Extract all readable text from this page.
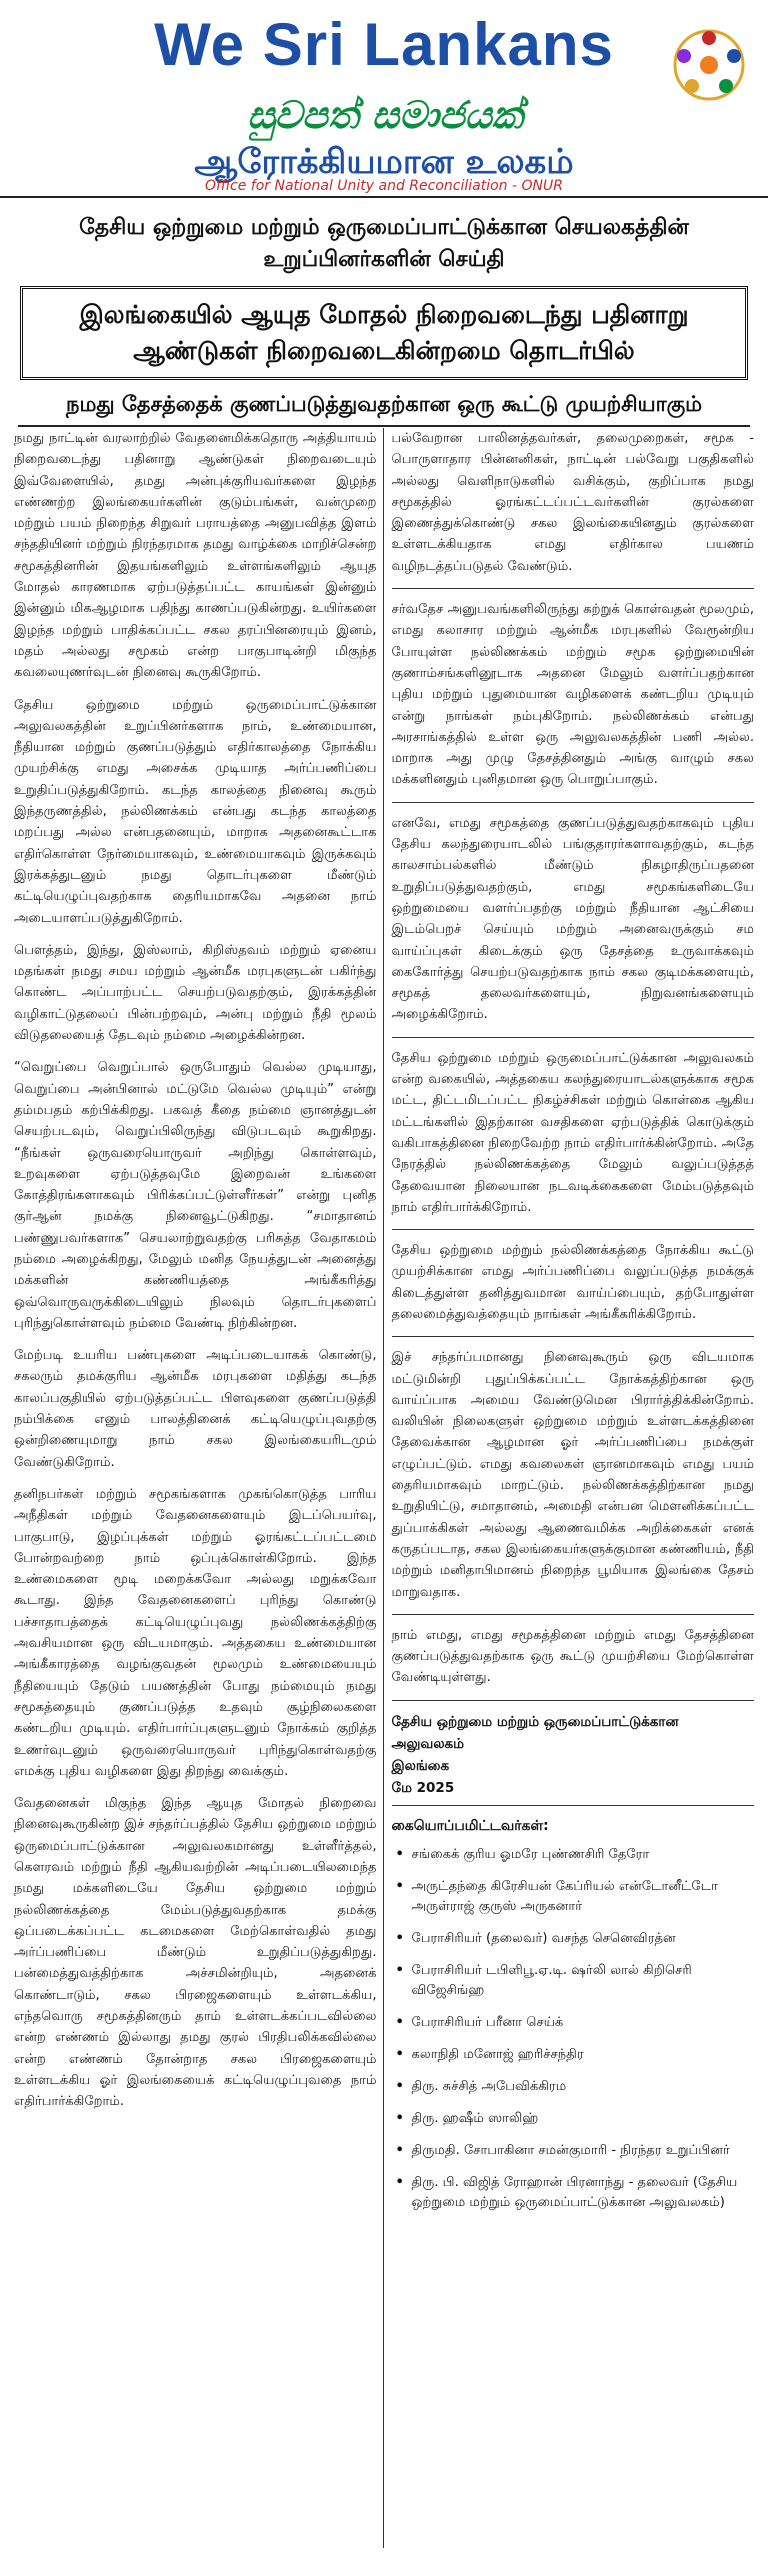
We Sri Lankans
සුවපත් සමාජයක්
ஆரோக்கியமான உலகம்
Office for National Unity and Reconciliation - ONUR
தேசிய ஒற்றுமை மற்றும் ஒருமைப்பாட்டுக்கான செயலகத்தின்
உறுப்பினர்களின் செய்தி
இலங்கையில் ஆயுத மோதல் நிறைவடைந்து பதினாறு
ஆண்டுகள் நிறைவடைகின்றமை தொடர்பில்
நமது தேசத்தைக் குணப்படுத்துவதற்கான ஒரு கூட்டு முயற்சியாகும்

நமது நாட்டின் வரலாற்றில் வேதனைமிக்கதொரு அத்தியாயம் நிறைவடைந்து பதினாறு ஆண்டுகள் நிறைவடையும் இவ்வேளையில், தமது அன்புக்குரியவர்களை இழந்த எண்ணற்ற இலங்கையர்களின் குடும்பங்கள், வன்முறை மற்றும் பயம் நிறைந்த சிறுவர் பராயத்தை அனுபவித்த இளம் சந்ததியினர் மற்றும் நிரந்தரமாக தமது வாழ்க்கை மாறிச்சென்ற சமூகத்தினரின் இதயங்களிலும் உள்ளங்களிலும் ஆயுத மோதல் காரணமாக ஏற்படுத்தப்பட்ட காயங்கள் இன்னும் இன்னும் மிகஆழமாக பதிந்து காணப்படுகின்றது. உயிர்களை இழந்த மற்றும் பாதிக்கப்பட்ட சகல தரப்பினரையும் இனம், மதம் அல்லது சமூகம் என்ற பாகுபாடின்றி மிகுந்த கவலையுணர்வுடன் நினைவு கூருகிறோம்.

தேசிய ஒற்றுமை மற்றும் ஒருமைப்பாட்டுக்கான அலுவலகத்தின் உறுப்பினர்களாக நாம், உண்மையான, நீதியான மற்றும் குணப்படுத்தும் எதிர்காலத்தை நோக்கிய முயற்சிக்கு எமது அசைக்க முடியாத அர்ப்பணிப்பை உறுதிப்படுத்துகிறோம். கடந்த காலத்தை நினைவு கூரும் இந்தருணத்தில், நல்லிணக்கம் என்பது கடந்த காலத்தை மறப்பது அல்ல என்பதனையும், மாறாக அதனைகூட்டாக எதிர்கொள்ள நேர்மையாகவும், உண்மையாகவும் இருக்கவும் இரக்கத்துடனும் நமது தொடர்புகளை மீண்டும் கட்டியெழுப்புவதற்காக தைரியமாகவே அதனை நாம் அடையாளப்படுத்துகிறோம்.

பௌத்தம், இந்து, இஸ்லாம், கிறிஸ்தவம் மற்றும் ஏனைய மதங்கள் நமது சமய மற்றும் ஆன்மீக மரபுகளுடன் பகிர்ந்து கொண்ட அப்பாற்பட்ட செயற்படுவதற்கும், இரக்கத்தின் வழிகாட்டுதலைப் பின்பற்றவும், அன்பு மற்றும் நீதி மூலம் விடுதலையைத் தேடவும் நம்மை அழைக்கின்றன.

“வெறுப்பை வெறுப்பால் ஒருபோதும் வெல்ல முடியாது, வெறுப்பை அன்பினால் மட்டுமே வெல்ல முடியும்” என்று தம்மபதம் கற்பிக்கிறது. பகவத் கீதை நம்மை ஞானத்துடன் செயற்படவும், வெறுப்பிலிருந்து விடுபடவும் கூறுகிறது. “நீங்கள் ஒருவரையொருவர் அறிந்து கொள்ளவும், உறவுகளை ஏற்படுத்தவுமே இறைவன் உங்களை கோத்திரங்களாகவும் பிரிக்கப்பட்டுள்ளீர்கள்” என்று புனித குர்ஆன் நமக்கு நினைவூட்டுகிறது. “சமாதானம் பண்ணுபவர்களாக” செயலாற்றுவதற்கு பரிசுத்த வேதாகமம் நம்மை அழைக்கிறது, மேலும் மனித நேயத்துடன் அனைத்து மக்களின் கண்ணியத்தை அங்கீகரித்து ஒவ்வொருவருக்கிடையிலும் நிலவும் தொடர்புகளைப் புரிந்துகொள்ளவும் நம்மை வேண்டி நிற்கின்றன.

மேற்படி உயரிய பண்புகளை அடிப்படையாகக் கொண்டு, சகலரும் தமக்குரிய ஆன்மீக மரபுகளை மதித்து கடந்த காலப்பகுதியில் ஏற்படுத்தப்பட்ட பிளவுகளை குணப்படுத்தி நம்பிக்கை எனும் பாலத்தினைக் கட்டியெழுப்புவதற்கு ஒன்றிணையுமாறு நாம் சகல இலங்கையரிடமும் வேண்டுகிறோம்.

தனிநபர்கள் மற்றும் சமூகங்களாக முகங்கொடுத்த பாரிய அநீதிகள் மற்றும் வேதனைகளையும் இடப்பெயர்வு, பாகுபாடு, இழப்புக்கள் மற்றும் ஓரங்கட்டப்பட்டமை போன்றவற்றை நாம் ஒப்புக்கொள்கிறோம். இந்த உண்மைகளை மூடி மறைக்கவோ அல்லது மறுக்கவோ கூடாது. இந்த வேதனைகளைப் புரிந்து கொண்டு பச்சாதாபத்தைக் கட்டியெழுப்புவது நல்லிணக்கத்திற்கு அவசியமான ஒரு விடயமாகும். அத்தகைய உண்மையான அங்கீகாரத்தை வழங்குவதன் மூலமும் உண்மையையும் நீதியையும் தேடும் பயணத்தின் போது நம்மையும் நமது சமூகத்தையும் குணப்படுத்த உதவும் சூழ்நிலைகளை கண்டறிய முடியும். எதிர்பார்ப்புகளுடனும் நோக்கம் குறித்த உணர்வுடனும் ஒருவரையொருவர் புரிந்துகொள்வதற்கு எமக்கு புதிய வழிகளை இது திறந்து வைக்கும்.

வேதனைகள் மிகுந்த இந்த ஆயுத மோதல் நிறைவை நினைவுகூருகின்ற இச் சந்தர்ப்பத்தில் தேசிய ஒற்றுமை மற்றும் ஒருமைப்பாட்டுக்கான அலுவலகமானது உள்ளீர்த்தல், கௌரவம் மற்றும் நீதி ஆகியவற்றின் அடிப்படையிலமைந்த நமது மக்களிடையே தேசிய ஒற்றுமை மற்றும் நல்லிணக்கத்தை மேம்படுத்துவதற்காக தமக்கு ஒப்படைக்கப்பட்ட கடமைகளை மேற்கொள்வதில் தமது அர்ப்பணிப்பை மீண்டும் உறுதிப்படுத்துகிறது. பன்மைத்துவத்திற்காக அச்சமின்றியும், அதனைக் கொண்டாடும், சகல பிரஜைகளையும் உள்ளடக்கிய, எந்தவொரு சமூகத்தினரும் தாம் உள்ளடக்கப்படவில்லை என்ற எண்ணம் இல்லாது தமது குரல் பிரதிபலிக்கவில்லை என்ற எண்ணம் தோன்றாத சகல பிரஜைகளையும் உள்ளடக்கிய ஓர் இலங்கையைக் கட்டியெழுப்புவதை நாம் எதிர்பார்க்கிறோம்.

பல்வேறான பாலினத்தவர்கள், தலைமுறைகள், சமூக - பொருளாதார பின்னனிகள், நாட்டின் பல்வேறு பகுதிகளில் அல்லது வெளிநாடுகளில் வசிக்கும், குறிப்பாக நமது சமூகத்தில் ஓரங்கட்டப்பட்டவர்களின் குரல்களை இணைத்துக்கொண்டு சகல இலங்கையினதும் குரல்களை உள்ளடக்கியதாக எமது எதிர்கால பயணம் வழிநடத்தப்படுதல் வேண்டும்.

சர்வதேச அனுபவங்களிலிருந்து கற்றுக் கொள்வதன் மூலமும், எமது கலாசார மற்றும் ஆன்மீக மரபுகளில் வேரூன்றிய போயுள்ள நல்லிணக்கம் மற்றும் சமூக ஒற்றுமையின் குணாம்சங்களினூடாக அதனை மேலும் வளர்ப்பதற்கான புதிய மற்றும் புதுமையான வழிகளைக் கண்டறிய முடியும் என்று நாங்கள் நம்புகிறோம். நல்லிணக்கம் என்பது அரசாங்கத்தில் உள்ள ஒரு அலுவலகத்தின் பணி அல்ல. மாறாக அது முழு தேசத்தினதும் அங்கு வாழும் சகல மக்களினதும் புனிதமான ஒரு பொறுப்பாகும்.

எனவே, எமது சமூகத்தை குணப்படுத்துவதற்காகவும் புதிய தேசிய கலந்துரையாடலில் பங்குதாரர்களாவதற்கும், கடந்த காலசாம்பல்களில் மீண்டும் நிகழாதிருப்பதனை உறுதிப்படுத்துவதற்கும், எமது சமூகங்களிடையே ஒற்றுமையை வளர்ப்பதற்கு மற்றும் நீதியான ஆட்சியை இடம்பெறச் செய்யும் மற்றும் அனைவருக்கும் சம வாய்ப்புகள் கிடைக்கும் ஒரு தேசத்தை உருவாக்கவும் கைகோர்த்து செயற்படுவதற்காக நாம் சகல குடிமக்களையும், சமூகத் தலைவர்களையும், நிறுவனங்களையும் அழைக்கிறோம்.

தேசிய ஒற்றுமை மற்றும் ஒருமைப்பாட்டுக்கான அலுவலகம் என்ற வகையில், அத்தகைய கலந்துரையாடல்களுக்காக சமூக மட்ட, திட்டமிடப்பட்ட நிகழ்ச்சிகள் மற்றும் கொள்கை ஆகிய மட்டங்களில் இதற்கான வசதிகளை ஏற்படுத்திக் கொடுக்கும் வகிபாகத்தினை நிறைவேற்ற நாம் எதிர்பார்க்கின்றோம். அதே நேரத்தில் நல்லிணக்கத்தை மேலும் வலுப்படுத்தத் தேவையான நிலையான நடவடிக்கைகளை மேம்படுத்தவும் நாம் எதிர்பார்க்கிறோம்.

தேசிய ஒற்றுமை மற்றும் நல்லிணக்கத்தை நோக்கிய கூட்டு முயற்சிக்கான எமது அர்ப்பணிப்பை வலுப்படுத்த நமக்குக் கிடைத்துள்ள தனித்துவமான வாய்ப்பையும், தற்போதுள்ள தலைமைத்துவத்தையும் நாங்கள் அங்கீகரிக்கிறோம்.

இச் சந்தர்ப்பமானது நினைவுகூரும் ஒரு விடயமாக மட்டுமின்றி புதுப்பிக்கப்பட்ட நோக்கத்திற்கான ஒரு வாய்ப்பாக அமைய வேண்டுமென பிரார்த்திக்கின்றோம். வலியின் நிலைகளுள் ஒற்றுமை மற்றும் உள்ளடக்கத்தினை தேவைக்கான ஆழமான ஓர் அர்ப்பணிப்பை நமக்குள் எழுப்பட்டும். எமது கவலைகள் ஞானமாகவும் எமது பயம் தைரியமாகவும் மாறட்டும். நல்லிணக்கத்திற்கான நமது உறுதியிட்டு, சமாதானம், அமைதி என்பன மௌனிக்கப்பட்ட துப்பாக்கிகள் அல்லது ஆணைவமிக்க அறிக்கைகள் எனக் கருதப்படாத, சகல இலங்கையர்களுக்குமான கண்ணியம், நீதி மற்றும் மனிதாபிமானம் நிறைந்த பூமியாக இலங்கை தேசம் மாறுவதாக.

நாம் எமது, எமது சமூகத்தினை மற்றும் எமது தேசத்தினை குணப்படுத்துவதற்காக ஒரு கூட்டு முயற்சியை மேற்கொள்ள வேண்டியுள்ளது.

தேசிய ஒற்றுமை மற்றும் ஒருமைப்பாட்டுக்கான
அலுவலகம்
இலங்கை
மே 2025
கையொப்பமிட்டவர்கள்:
• சங்கைக் குரிய ஓமரே புண்ணசிரி தேரோ
• அருட்தந்தை கிரேசியன் கேப்ரியல் என்டோனீட்டோ அருள்ராஜ் குருஸ் அருகனார்
• பேராசிரியர் (தலைவர்) வசந்த செனெவிரத்ன
• பேராசிரியர் டபிளிபூ.ஏ.டி. ஷர்லி லால் கிறிசெரி விஜேசிங்ஹ
• பேராசிரியர் பரீனா செய்க்
• கலாநிதி மனோஜ் ஹரிச்சந்திர
• திரு. சுச்சித் அபேவிக்கிரம
• திரு. ஹஷீம் ஸாலிஹ்
• திருமதி. சோபாகினா சமன்குமாரி - நிரந்தர உறுப்பினர்
• திரு. பி. விஜித் ரோஹான் பிரனாந்து - தலைவர் (தேசிய ஒற்றுமை மற்றும் ஒருமைப்பாட்டுக்கான அலுவலகம்)
